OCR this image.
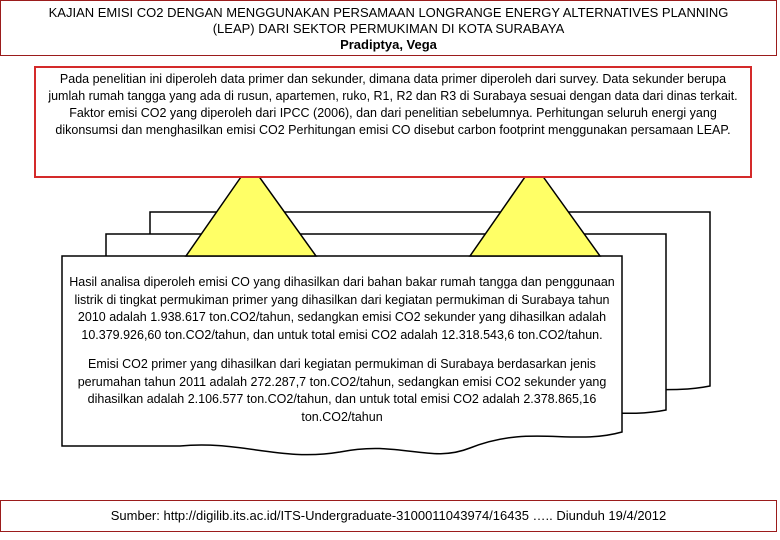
KAJIAN EMISI CO2 DENGAN MENGGUNAKAN PERSAMAAN LONGRANGE ENERGY ALTERNATIVES PLANNING
(LEAP) DARI SEKTOR PERMUKIMAN DI KOTA SURABAYA
Pradiptya, Vega
Pada penelitian ini diperoleh data primer dan sekunder, dimana data primer diperoleh dari survey. Data sekunder berupa jumlah rumah tangga yang ada di rusun, apartemen, ruko, R1, R2 dan R3 di Surabaya sesuai dengan data dari dinas terkait. Faktor emisi CO2 yang diperoleh dari IPCC (2006), dan dari penelitian sebelumnya. Perhitungan seluruh energi yang dikonsumsi dan menghasilkan emisi CO2 Perhitungan emisi CO disebut carbon footprint menggunakan persamaan LEAP.

Hasil analisa diperoleh emisi CO yang dihasilkan dari bahan bakar rumah tangga dan penggunaan listrik di tingkat permukiman primer yang dihasilkan dari kegiatan permukiman di Surabaya tahun 2010 adalah 1.938.617 ton.CO2/tahun, sedangkan emisi CO2 sekunder yang dihasilkan adalah 10.379.926,60 ton.CO2/tahun, dan untuk total emisi CO2 adalah 12.318.543,6 ton.CO2/tahun.

Emisi CO2 primer yang dihasilkan dari kegiatan permukiman di Surabaya berdasarkan jenis perumahan tahun 2011 adalah 272.287,7 ton.CO2/tahun, sedangkan emisi CO2 sekunder yang dihasilkan adalah 2.106.577 ton.CO2/tahun, dan untuk total emisi CO2 adalah 2.378.865,16 ton.CO2/tahun

Sumber: http://digilib.its.ac.id/ITS-Undergraduate-3100011043974/16435 ….. Diunduh 19/4/2012
